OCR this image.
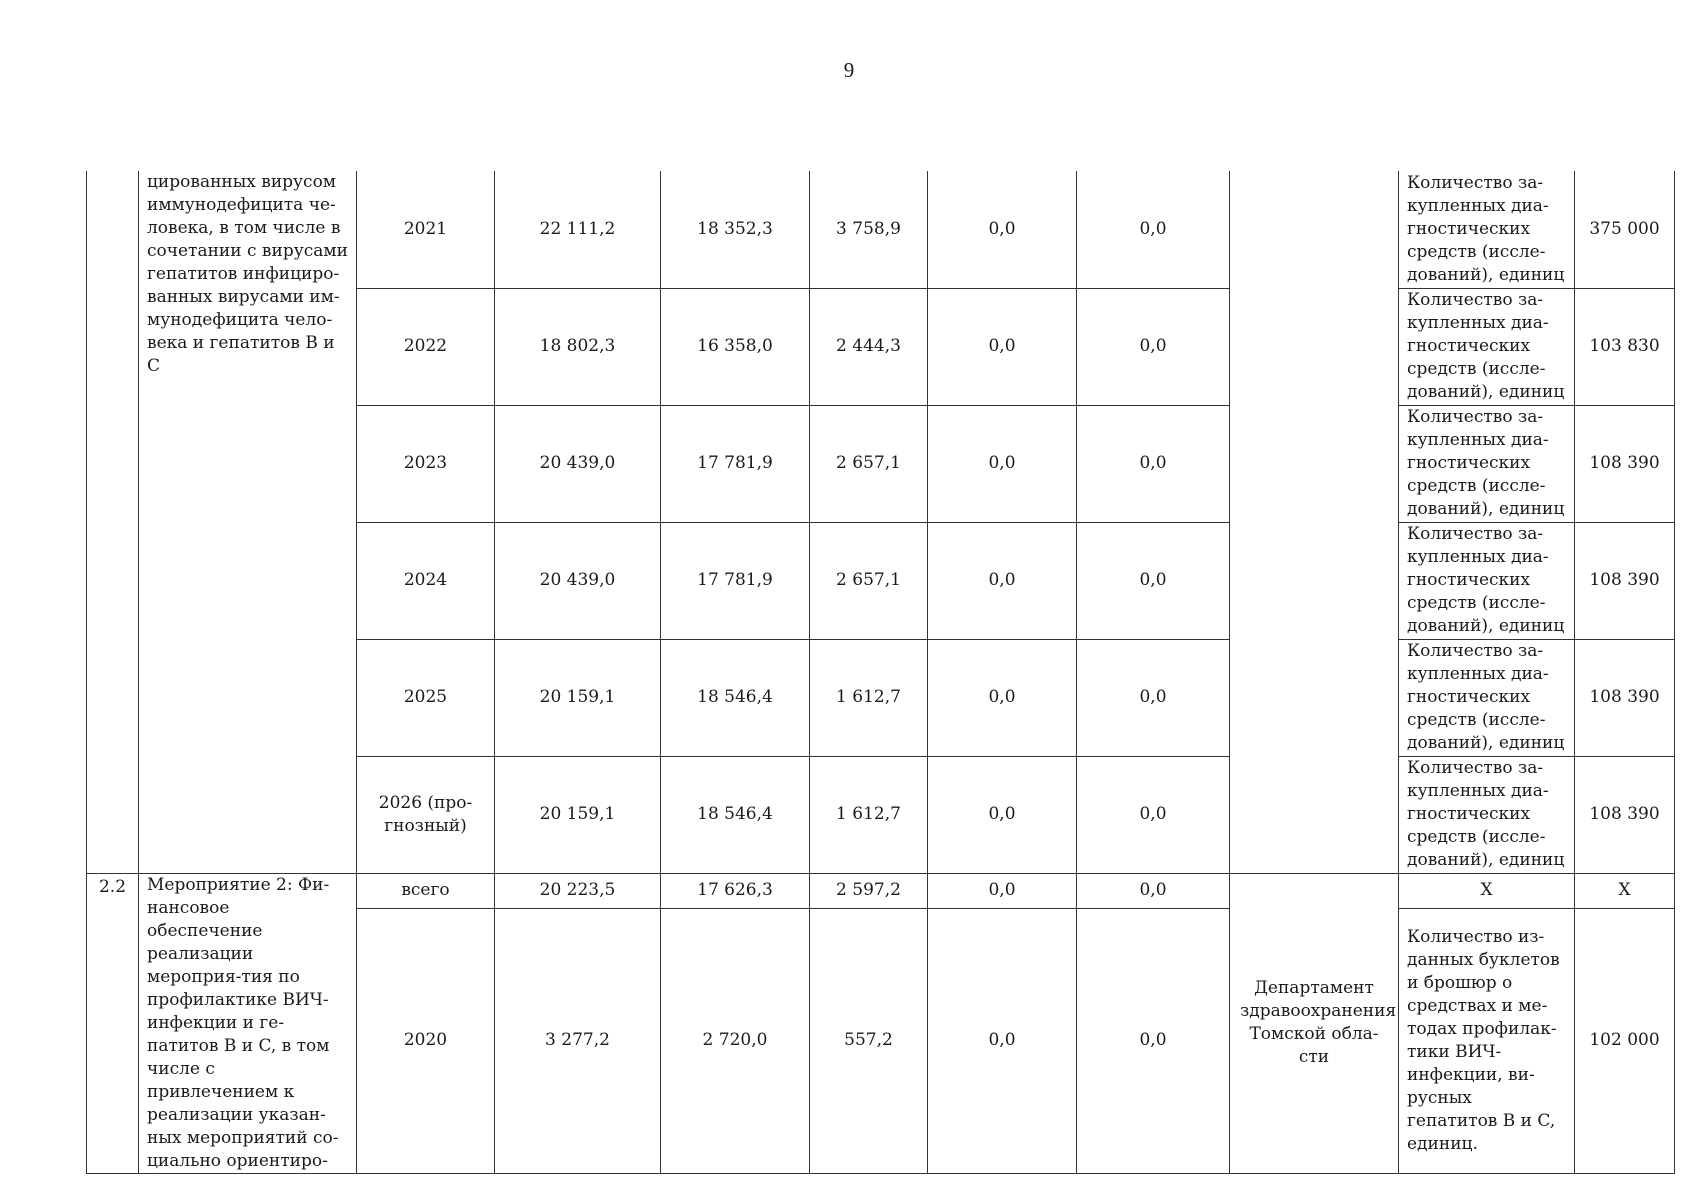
9
	цированных вирусом иммунодефицита че-ловека, в том числе в сочетании с вирусами гепатитов инфициро-ванных вирусами им-мунодефицита чело-века и гепатитов B и C	2021	22 111,2	18 352,3	3 758,9	0,0	0,0		Количество за-купленных диа-гностических средств (иссле-дований), единиц	375 000
		2022	18 802,3	16 358,0	2 444,3	0,0	0,0		Количество за-купленных диа-гностических средств (иссле-дований), единиц	103 830
		2023	20 439,0	17 781,9	2 657,1	0,0	0,0		Количество за-купленных диа-гностических средств (иссле-дований), единиц	108 390
		2024	20 439,0	17 781,9	2 657,1	0,0	0,0		Количество за-купленных диа-гностических средств (иссле-дований), единиц	108 390
		2025	20 159,1	18 546,4	1 612,7	0,0	0,0		Количество за-купленных диа-гностических средств (иссле-дований), единиц	108 390
		2026 (про-гнозный)	20 159,1	18 546,4	1 612,7	0,0	0,0		Количество за-купленных диа-гностических средств (иссле-дований), единиц	108 390
2.2	Мероприятие 2: Фи-нансовое обеспечение реализации мероприя-тия по профилактике ВИЧ-инфекции и ге-патитов B и C, в том числе с привлечением к реализации указан-ных мероприятий со-циально ориентиро-	всего	20 223,5	17 626,3	2 597,2	0,0	0,0	Департамент здравоохранения Томской обла-сти	X	X
		2020	3 277,2	2 720,0	557,2	0,0	0,0		Количество из-данных буклетов и брошюр о средствах и ме-тодах профилак-тики ВИЧ-инфекции, ви-русных гепатитов B и C, единиц.	102 000
